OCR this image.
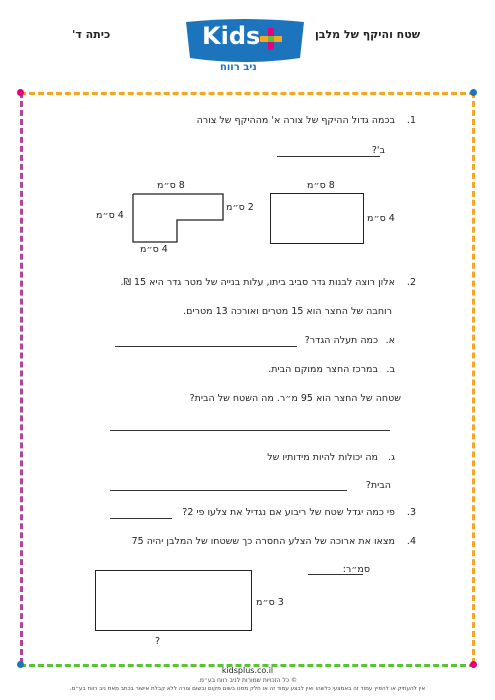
שטח והיקף של מלבן
כיתה ד'	Kids
ניב רווח
1.
בכמה גדול ההיקף של צורה א' מההיקף של צורה
ב'?
8 ס״מ
2 ס״מ
4 ס״מ
4 ס״מ
8 ס״מ
4 ס״מ
2.
אלון רוצה לבנות גדר סביב ביתו, עלות בנייה של מטר גדר היא 15 ₪.
רוחבה של החצר הוא 15 מטרים ואורכה 13 מטרים.
א.
כמה תעלה הגדר?
ב.
במרכז החצר ממוקם הבית.
שטחה של החצר הוא 95 מ״ר. מה השטח של הבית?
ג.
מה יכולות להיות מידותיו של
הבית?
3.
פי כמה יגדל שטח של ריבוע אם נגדיל את צלעו פי 2?
4.
מצאו את ארוכה של הצלע החסרה כך ששטחו של המלבן יהיה 75
סמ״ר:
3 ס״מ
?
kidsplus.co.il
© כל הזכויות שמורות לניב רווח בע״מ.
אין להעתיק או להפיץ עמוד זה באמצעי כלשהו ואין לבצע עמוד זה או חלק ממנו בשום מקום ובשום צורה ללא קבלת אישור בכתב מאת ניב רווח בע״מ.
